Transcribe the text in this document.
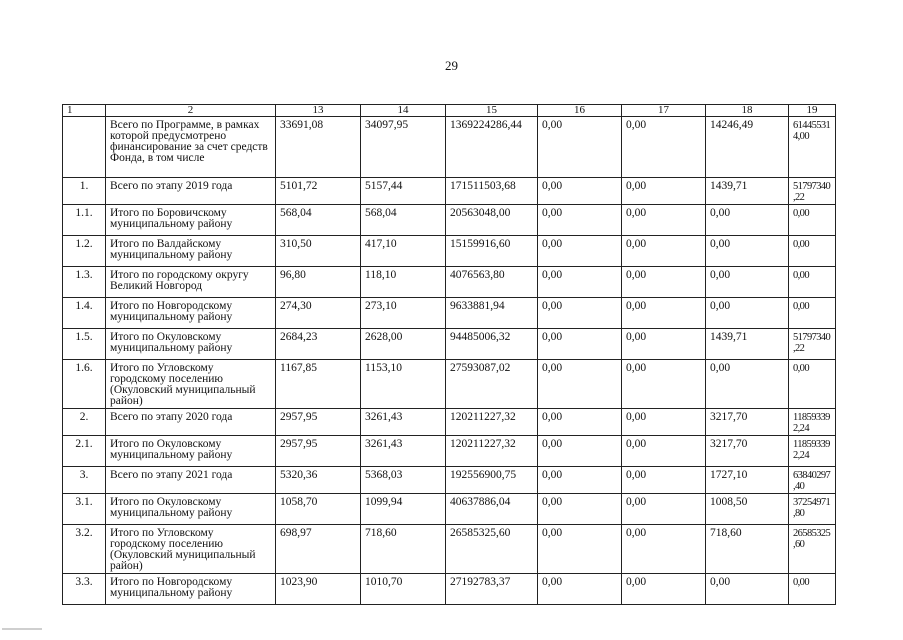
29
1	2	13	14	15	16	17	18	19
	Всего по Программе, в рамках которой предусмотрено финансирование за счет средств Фонда, в том числе	33691,08	34097,95	1369224286,44	0,00	0,00	14246,49	614455314,00
1.	Всего по этапу 2019 года	5101,72	5157,44	171511503,68	0,00	0,00	1439,71	51797340,22
1.1.	Итого по Боровичскому муниципальному району	568,04	568,04	20563048,00	0,00	0,00	0,00	0,00
1.2.	Итого по Валдайскому муниципальному району	310,50	417,10	15159916,60	0,00	0,00	0,00	0,00
1.3.	Итого по городскому округу Великий Новгород	96,80	118,10	4076563,80	0,00	0,00	0,00	0,00
1.4.	Итого по Новгородскому муниципальному району	274,30	273,10	9633881,94	0,00	0,00	0,00	0,00
1.5.	Итого по Окуловскому муниципальному району	2684,23	2628,00	94485006,32	0,00	0,00	1439,71	51797340,22
1.6.	Итого по Угловскому городскому поселению (Окуловский муниципальный район)	1167,85	1153,10	27593087,02	0,00	0,00	0,00	0,00
2.	Всего по этапу 2020 года	2957,95	3261,43	120211227,32	0,00	0,00	3217,70	118593392,24
2.1.	Итого по Окуловскому муниципальному району	2957,95	3261,43	120211227,32	0,00	0,00	3217,70	118593392,24
3.	Всего по этапу 2021 года	5320,36	5368,03	192556900,75	0,00	0,00	1727,10	63840297,40
3.1.	Итого по Окуловскому муниципальному району	1058,70	1099,94	40637886,04	0,00	0,00	1008,50	37254971,80
3.2.	Итого по Угловскому городскому поселению (Окуловский муниципальный район)	698,97	718,60	26585325,60	0,00	0,00	718,60	26585325,60
3.3.	Итого по Новгородскому муниципальному району	1023,90	1010,70	27192783,37	0,00	0,00	0,00	0,00
